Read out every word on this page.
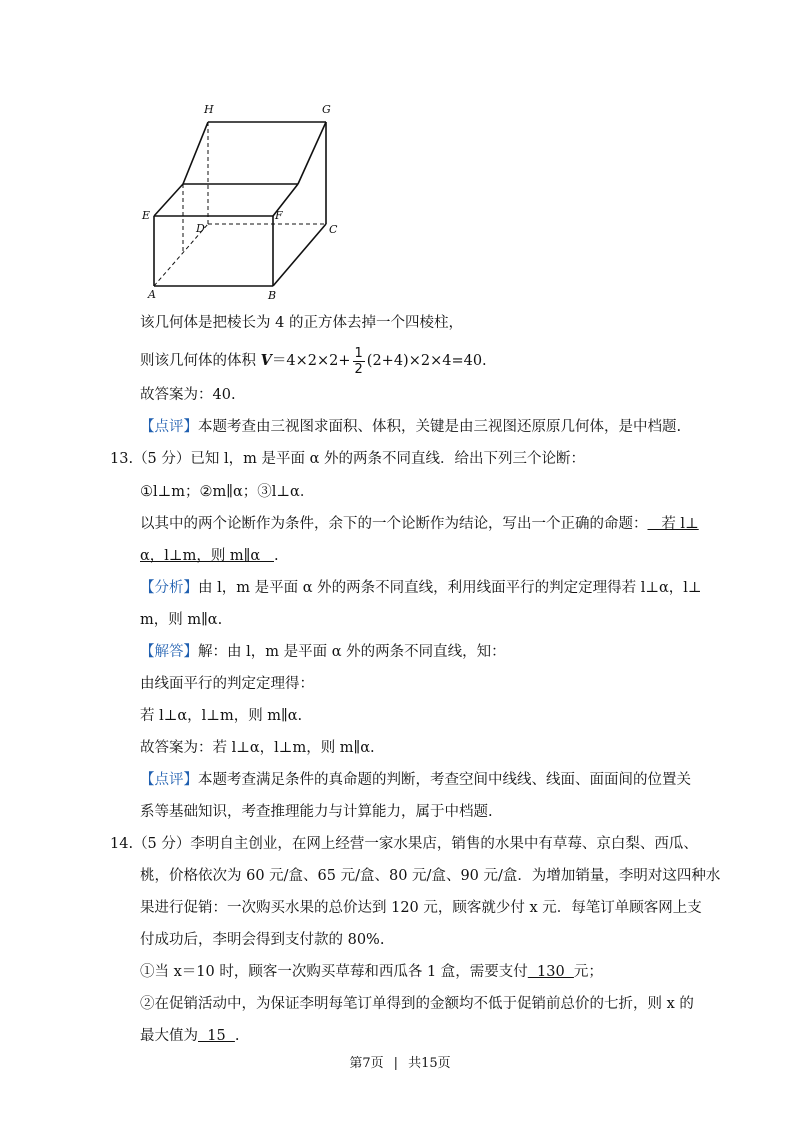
H	G
E
D
F
C
A	B
该几何体是把棱长为 4 的正方体去掉一个四棱柱，
则该几何体的体积 $V=4\times 2\times 2+ \frac{1}{2} (2+4)\times 2\times 4=40$.
故答案为：40.
【点评】本题考查由三视图求面积、体积，关键是由三视图还原原几何体，是中档题.
13.（5 分）已知 l，m 是平面 α 外的两条不同直线．给出下列三个论断：
①l⊥m；②m∥α；③l⊥α．
以其中的两个论断作为条件，余下的一个论断作为结论，写出一个正确的命题：   若 l⊥
α，l⊥m，则 m∥α   .
【分析】由 l，m 是平面 α 外的两条不同直线，利用线面平行的判定定理得若 l⊥α，l⊥
m，则 m∥α.
【解答】解：由 l，m 是平面 α 外的两条不同直线，知：
由线面平行的判定定理得：
若 l⊥α，l⊥m，则 m∥α.
故答案为：若 l⊥α，l⊥m，则 m∥α.
【点评】本题考查满足条件的真命题的判断，考查空间中线线、线面、面面间的位置关
系等基础知识，考查推理能力与计算能力，属于中档题.
14.（5 分）李明自主创业，在网上经营一家水果店，销售的水果中有草莓、京白梨、西瓜、
桃，价格依次为 60 元/盒、65 元/盒、80 元/盒、90 元/盒．为增加销量，李明对这四种水
果进行促销：一次购买水果的总价达到 120 元，顾客就少付 x 元．每笔订单顾客网上支
付成功后，李明会得到支付款的 80%.
①当 x＝10 时，顾客一次购买草莓和西瓜各 1 盒，需要支付  130  元；
②在促销活动中，为保证李明每笔订单得到的金额均不低于促销前总价的七折，则 x 的
最大值为  15  .
第7页 | 共15页
